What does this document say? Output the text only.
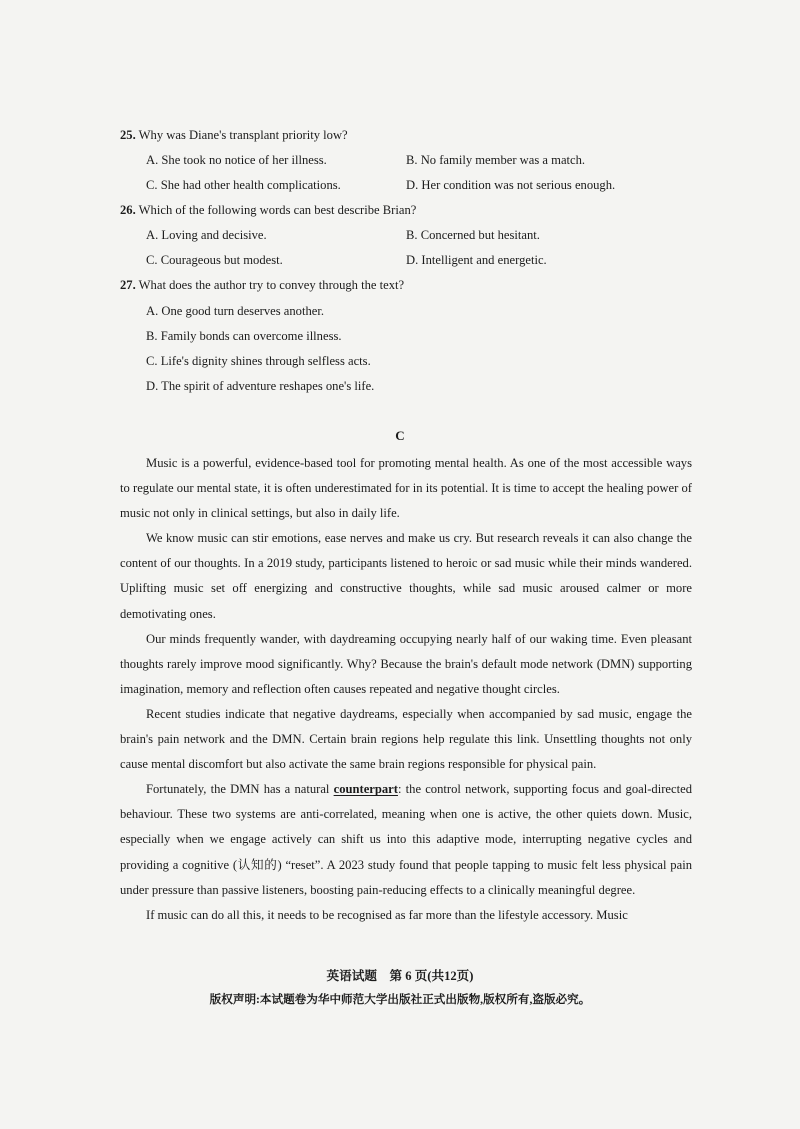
25. Why was Diane's transplant priority low?
A. She took no notice of her illness.	B. No family member was a match.
C. She had other health complications.	D. Her condition was not serious enough.
26. Which of the following words can best describe Brian?
A. Loving and decisive.	B. Concerned but hesitant.
C. Courageous but modest.	D. Intelligent and energetic.
27. What does the author try to convey through the text?
A. One good turn deserves another.
B. Family bonds can overcome illness.
C. Life's dignity shines through selfless acts.
D. The spirit of adventure reshapes one's life.
C

Music is a powerful, evidence-based tool for promoting mental health. As one of the most accessible ways to regulate our mental state, it is often underestimated for in its potential. It is time to accept the healing power of music not only in clinical settings, but also in daily life.

We know music can stir emotions, ease nerves and make us cry. But research reveals it can also change the content of our thoughts. In a 2019 study, participants listened to heroic or sad music while their minds wandered. Uplifting music set off energizing and constructive thoughts, while sad music aroused calmer or more demotivating ones.

Our minds frequently wander, with daydreaming occupying nearly half of our waking time. Even pleasant thoughts rarely improve mood significantly. Why? Because the brain's default mode network (DMN) supporting imagination, memory and reflection often causes repeated and negative thought circles.

Recent studies indicate that negative daydreams, especially when accompanied by sad music, engage the brain's pain network and the DMN. Certain brain regions help regulate this link. Unsettling thoughts not only cause mental discomfort but also activate the same brain regions responsible for physical pain.

Fortunately, the DMN has a natural counterpart: the control network, supporting focus and goal-directed behaviour. These two systems are anti-correlated, meaning when one is active, the other quiets down. Music, especially when we engage actively can shift us into this adaptive mode, interrupting negative cycles and providing a cognitive (认知的) “reset”. A 2023 study found that people tapping to music felt less physical pain under pressure than passive listeners, boosting pain-reducing effects to a clinically meaningful degree.

If music can do all this, it needs to be recognised as far more than the lifestyle accessory. Music

英语试题　第 6 页(共12页)
版权声明:本试题卷为华中师范大学出版社正式出版物,版权所有,盗版必究。
